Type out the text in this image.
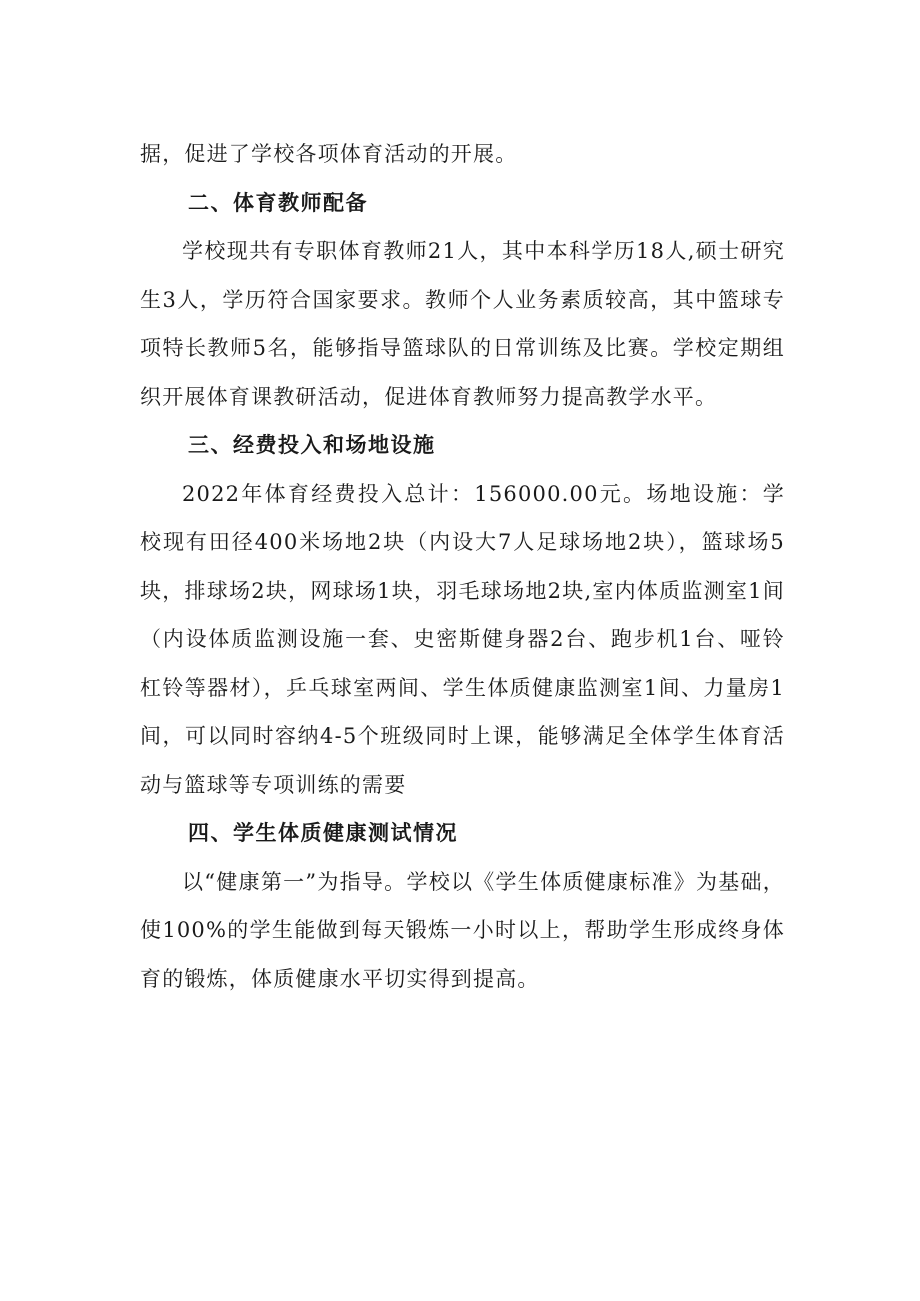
据，促进了学校各项体育活动的开展。

二、体育教师配备

学校现共有专职体育教师21人，其中本科学历18人,硕士研究生3人，学历符合国家要求。教师个人业务素质较高，其中篮球专项特长教师5名，能够指导篮球队的日常训练及比赛。学校定期组织开展体育课教研活动，促进体育教师努力提高教学水平。

三、经费投入和场地设施

2022年体育经费投入总计：156000.00元。场地设施：学校现有田径400米场地2块（内设大7人足球场地2块），篮球场5块，排球场2块，网球场1块，羽毛球场地2块,室内体质监测室1间（内设体质监测设施一套、史密斯健身器2台、跑步机1台、哑铃杠铃等器材），乒乓球室两间、学生体质健康监测室1间、力量房1间，可以同时容纳4-5个班级同时上课，能够满足全体学生体育活动与篮球等专项训练的需要

四、学生体质健康测试情况

以“健康第一”为指导。学校以《学生体质健康标准》为基础，使100%的学生能做到每天锻炼一小时以上，帮助学生形成终身体育的锻炼，体质健康水平切实得到提高。
